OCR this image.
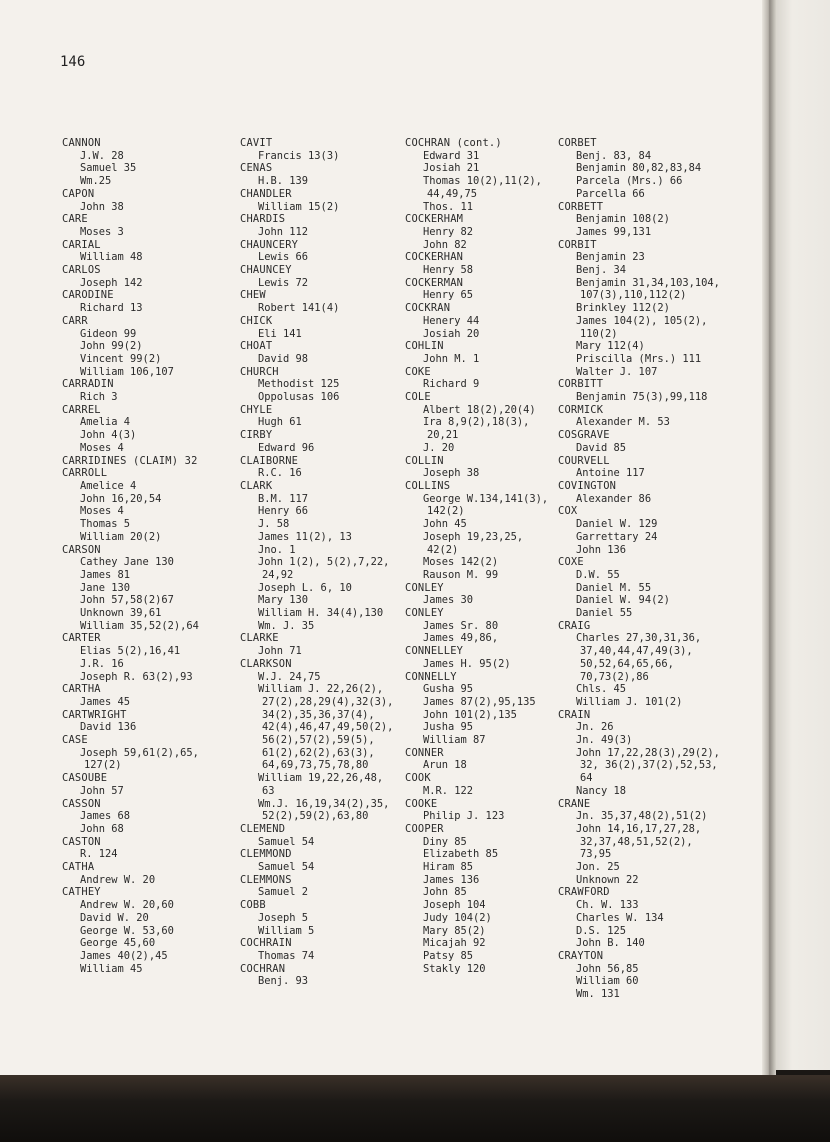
146
CANNON
J.W. 28
Samuel 35
Wm.25
CAPON
John 38
CARE
Moses 3
CARIAL
William 48
CARLOS
Joseph 142
CARODINE
Richard 13
CARR
Gideon 99
John 99(2)
Vincent 99(2)
William 106,107
CARRADIN
Rich 3
CARREL
Amelia 4
John 4(3)
Moses 4
CARRIDINES (CLAIM) 32
CARROLL
Amelice 4
John 16,20,54
Moses 4
Thomas 5
William 20(2)
CARSON
Cathey Jane 130
James 81
Jane 130
John 57,58(2)67
Unknown 39,61
William 35,52(2),64
CARTER
Elias 5(2),16,41
J.R. 16
Joseph R. 63(2),93
CARTHA
James 45
CARTWRIGHT
David 136
CASE
Joseph 59,61(2),65,
127(2)
CASOUBE
John 57
CASSON
James 68
John 68
CASTON
R. 124
CATHA
Andrew W. 20
CATHEY
Andrew W. 20,60
David W. 20
George W. 53,60
George 45,60
James 40(2),45
William 45
CAVIT
Francis 13(3)
CENAS
H.B. 139
CHANDLER
William 15(2)
CHARDIS
John 112
CHAUNCERY
Lewis 66
CHAUNCEY
Lewis 72
CHEW
Robert 141(4)
CHICK
Eli 141
CHOAT
David 98
CHURCH
Methodist 125
Oppolusas 106
CHYLE
Hugh 61
CIRBY
Edward 96
CLAIBORNE
R.C. 16
CLARK
B.M. 117
Henry 66
J. 58
James 11(2), 13
Jno. 1
John 1(2), 5(2),7,22,
24,92
Joseph L. 6, 10
Mary 130
William H. 34(4),130
Wm. J. 35
CLARKE
John 71
CLARKSON
W.J. 24,75
William J. 22,26(2),
27(2),28,29(4),32(3),
34(2),35,36,37(4),
42(4),46,47,49,50(2),
56(2),57(2),59(5),
61(2),62(2),63(3),
64,69,73,75,78,80
William 19,22,26,48,
63
Wm.J. 16,19,34(2),35,
52(2),59(2),63,80
CLEMEND
Samuel 54
CLEMMOND
Samuel 54
CLEMMONS
Samuel 2
COBB
Joseph 5
William 5
COCHRAIN
Thomas 74
COCHRAN
Benj. 93
COCHRAN (cont.)
Edward 31
Josiah 21
Thomas 10(2),11(2),
44,49,75
Thos. 11
COCKERHAM
Henry 82
John 82
COCKERHAN
Henry 58
COCKERMAN
Henry 65
COCKRAN
Henery 44
Josiah 20
COHLIN
John M. 1
COKE
Richard 9
COLE
Albert 18(2),20(4)
Ira 8,9(2),18(3),
20,21
J. 20
COLLIN
Joseph 38
COLLINS
George W.134,141(3),
142(2)
John 45
Joseph 19,23,25,
42(2)
Moses 142(2)
Rauson M. 99
CONLEY
James 30
CONLEY
James Sr. 80
James 49,86,
CONNELLEY
James H. 95(2)
CONNELLY
Gusha 95
James 87(2),95,135
John 101(2),135
Jusha 95
William 87
CONNER
Arun 18
COOK
M.R. 122
COOKE
Philip J. 123
COOPER
Diny 85
Elizabeth 85
Hiram 85
James 136
John 85
Joseph 104
Judy 104(2)
Mary 85(2)
Micajah 92
Patsy 85
Stakly 120
CORBET
Benj. 83, 84
Benjamin 80,82,83,84
Parcela (Mrs.) 66
Parcella 66
CORBETT
Benjamin 108(2)
James 99,131
CORBIT
Benjamin 23
Benj. 34
Benjamin 31,34,103,104,
107(3),110,112(2)
Brinkley 112(2)
James 104(2), 105(2),
110(2)
Mary 112(4)
Priscilla (Mrs.) 111
Walter J. 107
CORBITT
Benjamin 75(3),99,118
CORMICK
Alexander M. 53
COSGRAVE
David 85
COURVELL
Antoine 117
COVINGTON
Alexander 86
COX
Daniel W. 129
Garrettary 24
John 136
COXE
D.W. 55
Daniel M. 55
Daniel W. 94(2)
Daniel 55
CRAIG
Charles 27,30,31,36,
37,40,44,47,49(3),
50,52,64,65,66,
70,73(2),86
Chls. 45
William J. 101(2)
CRAIN
Jn. 26
Jn. 49(3)
John 17,22,28(3),29(2),
32, 36(2),37(2),52,53,
64
Nancy 18
CRANE
Jn. 35,37,48(2),51(2)
John 14,16,17,27,28,
32,37,48,51,52(2),
73,95
Jon. 25
Unknown 22
CRAWFORD
Ch. W. 133
Charles W. 134
D.S. 125
John B. 140
CRAYTON
John 56,85
William 60
Wm. 131
